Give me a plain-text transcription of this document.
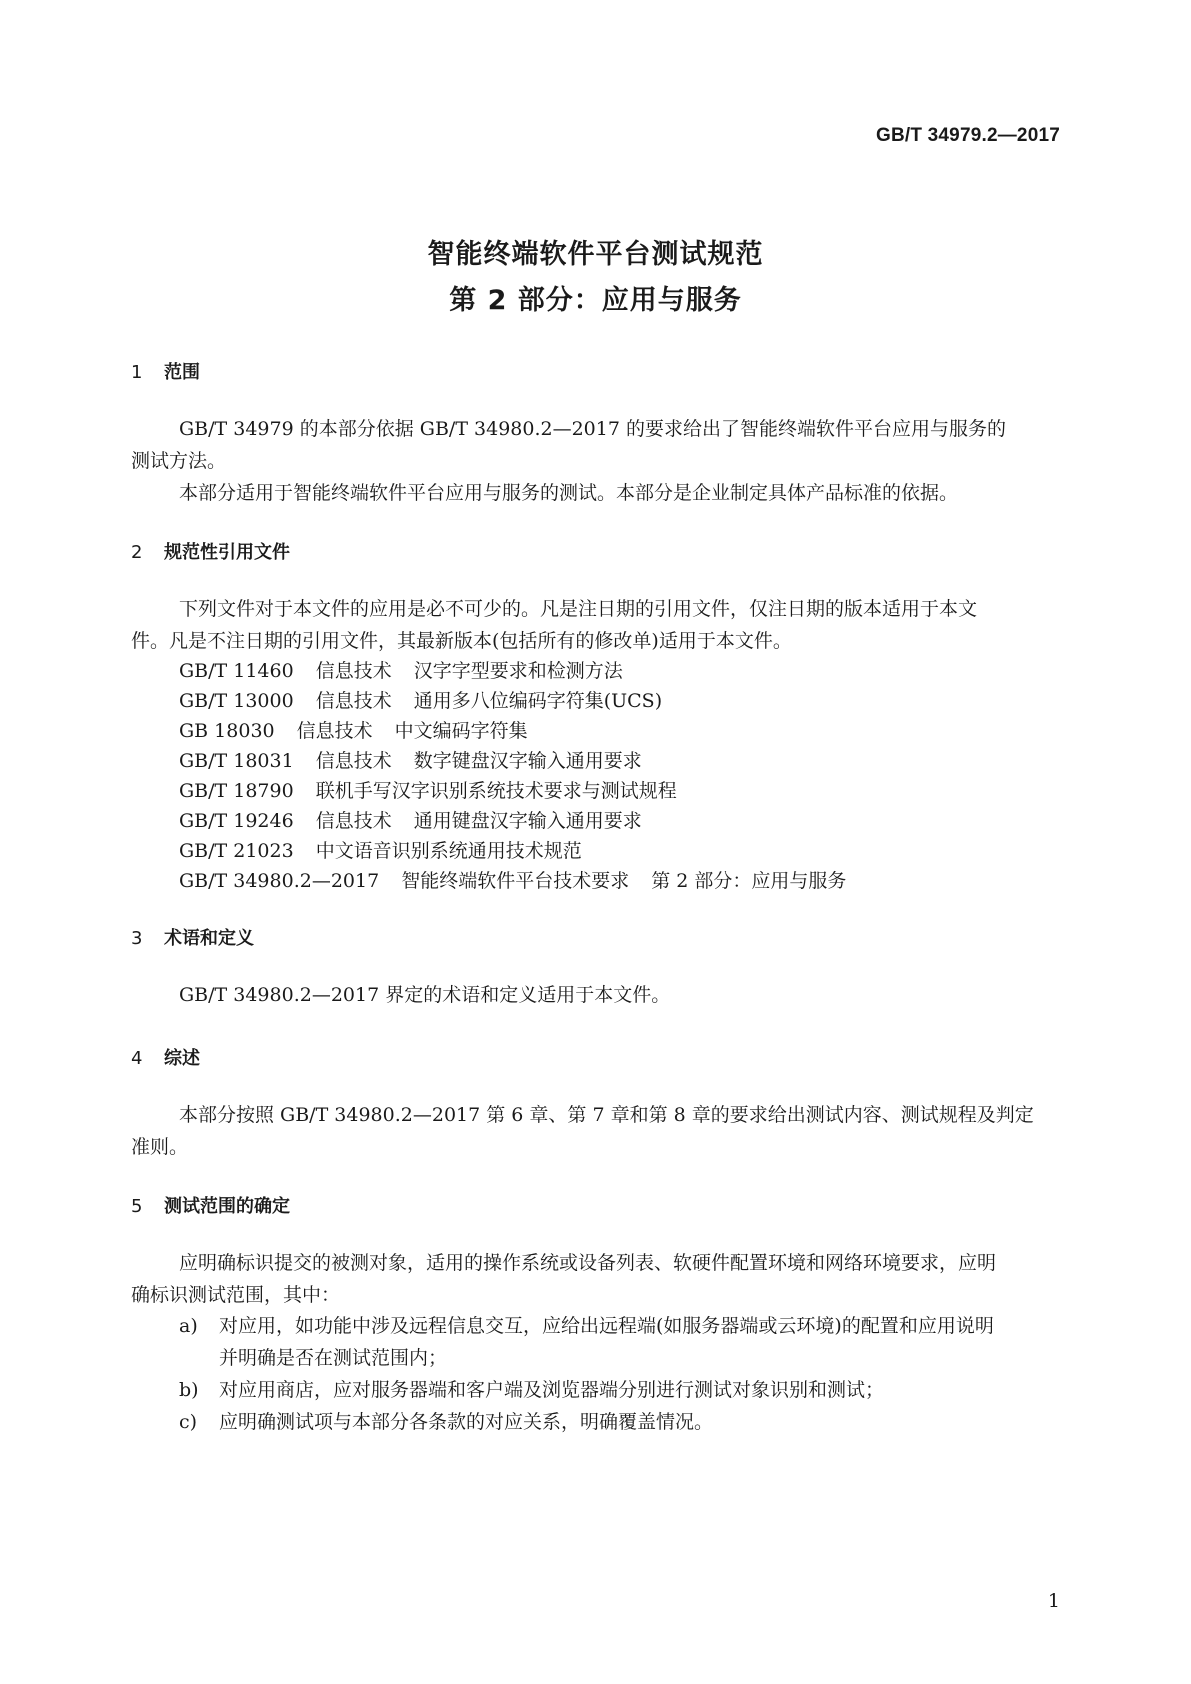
GB/T 34979.2—2017
智能终端软件平台测试规范
第 2 部分：应用与服务
1 范围
GB/T 34979 的本部分依据 GB/T 34980.2—2017 的要求给出了智能终端软件平台应用与服务的
测试方法。
本部分适用于智能终端软件平台应用与服务的测试。本部分是企业制定具体产品标准的依据。
2 规范性引用文件
下列文件对于本文件的应用是必不可少的。凡是注日期的引用文件，仅注日期的版本适用于本文
件。凡是不注日期的引用文件，其最新版本(包括所有的修改单)适用于本文件。
GB/T 11460 信息技术 汉字字型要求和检测方法
GB/T 13000 信息技术 通用多八位编码字符集(UCS)
GB 18030 信息技术 中文编码字符集
GB/T 18031 信息技术 数字键盘汉字输入通用要求
GB/T 18790 联机手写汉字识别系统技术要求与测试规程
GB/T 19246 信息技术 通用键盘汉字输入通用要求
GB/T 21023 中文语音识别系统通用技术规范
GB/T 34980.2—2017 智能终端软件平台技术要求 第 2 部分：应用与服务
3 术语和定义
GB/T 34980.2—2017 界定的术语和定义适用于本文件。
4 综述
本部分按照 GB/T 34980.2—2017 第 6 章、第 7 章和第 8 章的要求给出测试内容、测试规程及判定
准则。
5 测试范围的确定
应明确标识提交的被测对象，适用的操作系统或设备列表、软硬件配置环境和网络环境要求，应明
确标识测试范围，其中：
a)	对应用，如功能中涉及远程信息交互，应给出远程端(如服务器端或云环境)的配置和应用说明
并明确是否在测试范围内；
b)	对应用商店，应对服务器端和客户端及浏览器端分别进行测试对象识别和测试；
c)	应明确测试项与本部分各条款的对应关系，明确覆盖情况。
1
